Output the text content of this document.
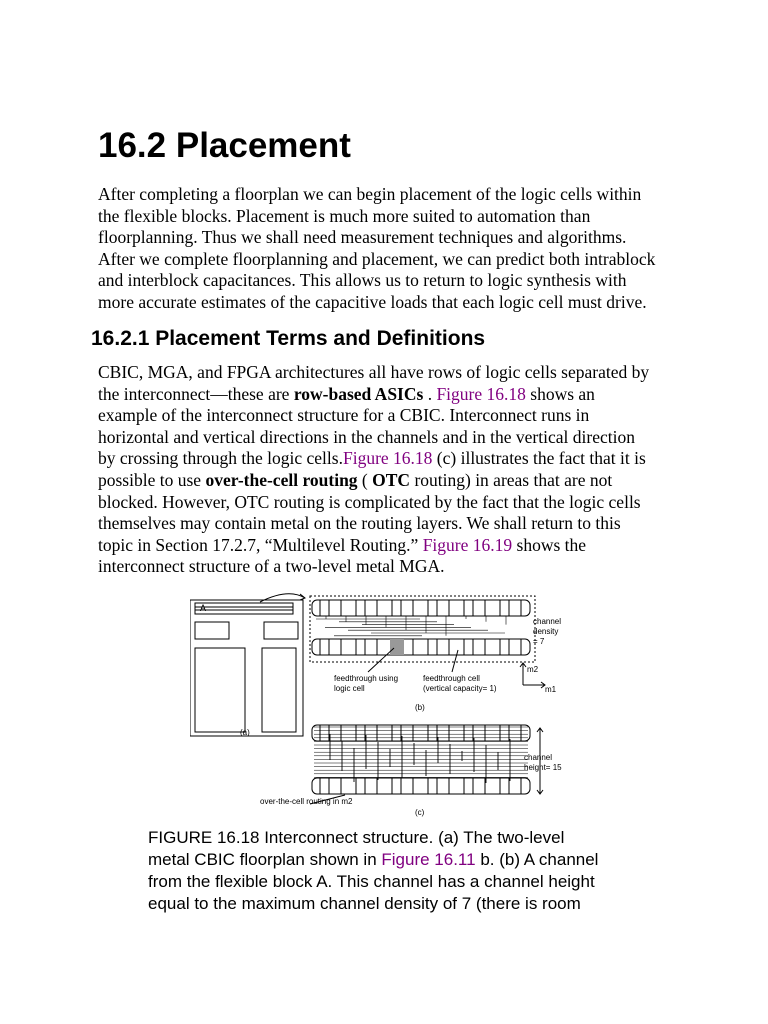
16.2 Placement
After completing a floorplan we can begin placement of the logic cells within
the flexible blocks. Placement is much more suited to automation than
floorplanning. Thus we shall need measurement techniques and algorithms.
After we complete floorplanning and placement, we can predict both intrablock
and interblock capacitances. This allows us to return to logic synthesis with
more accurate estimates of the capacitive loads that each logic cell must drive.
16.2.1 Placement Terms and Definitions
CBIC, MGA, and FPGA architectures all have rows of logic cells separated by
the interconnect—these are row-based ASICs . Figure 16.18 shows an
example of the interconnect structure for a CBIC. Interconnect runs in
horizontal and vertical directions in the channels and in the vertical direction
by crossing through the logic cells.Figure 16.18 (c) illustrates the fact that it is
possible to use over-the-cell routing ( OTC routing) in areas that are not
blocked. However, OTC routing is complicated by the fact that the logic cells
themselves may contain metal on the routing layers. We shall return to this
topic in Section 17.2.7, “Multilevel Routing.” Figure 16.19 shows the
interconnect structure of a two-level metal MGA.
A
(a)
(b)
(c)
channel
density
= 7
feedthrough using
logic cell
feedthrough cell
(vertical capacity= 1)
m2
m1
channel
height= 15
over-the-cell routing in m2
FIGURE 16.18 Interconnect structure. (a) The two-level
metal CBIC floorplan shown in Figure 16.11 b. (b) A channel
from the flexible block A. This channel has a channel height
equal to the maximum channel density of 7 (there is room
